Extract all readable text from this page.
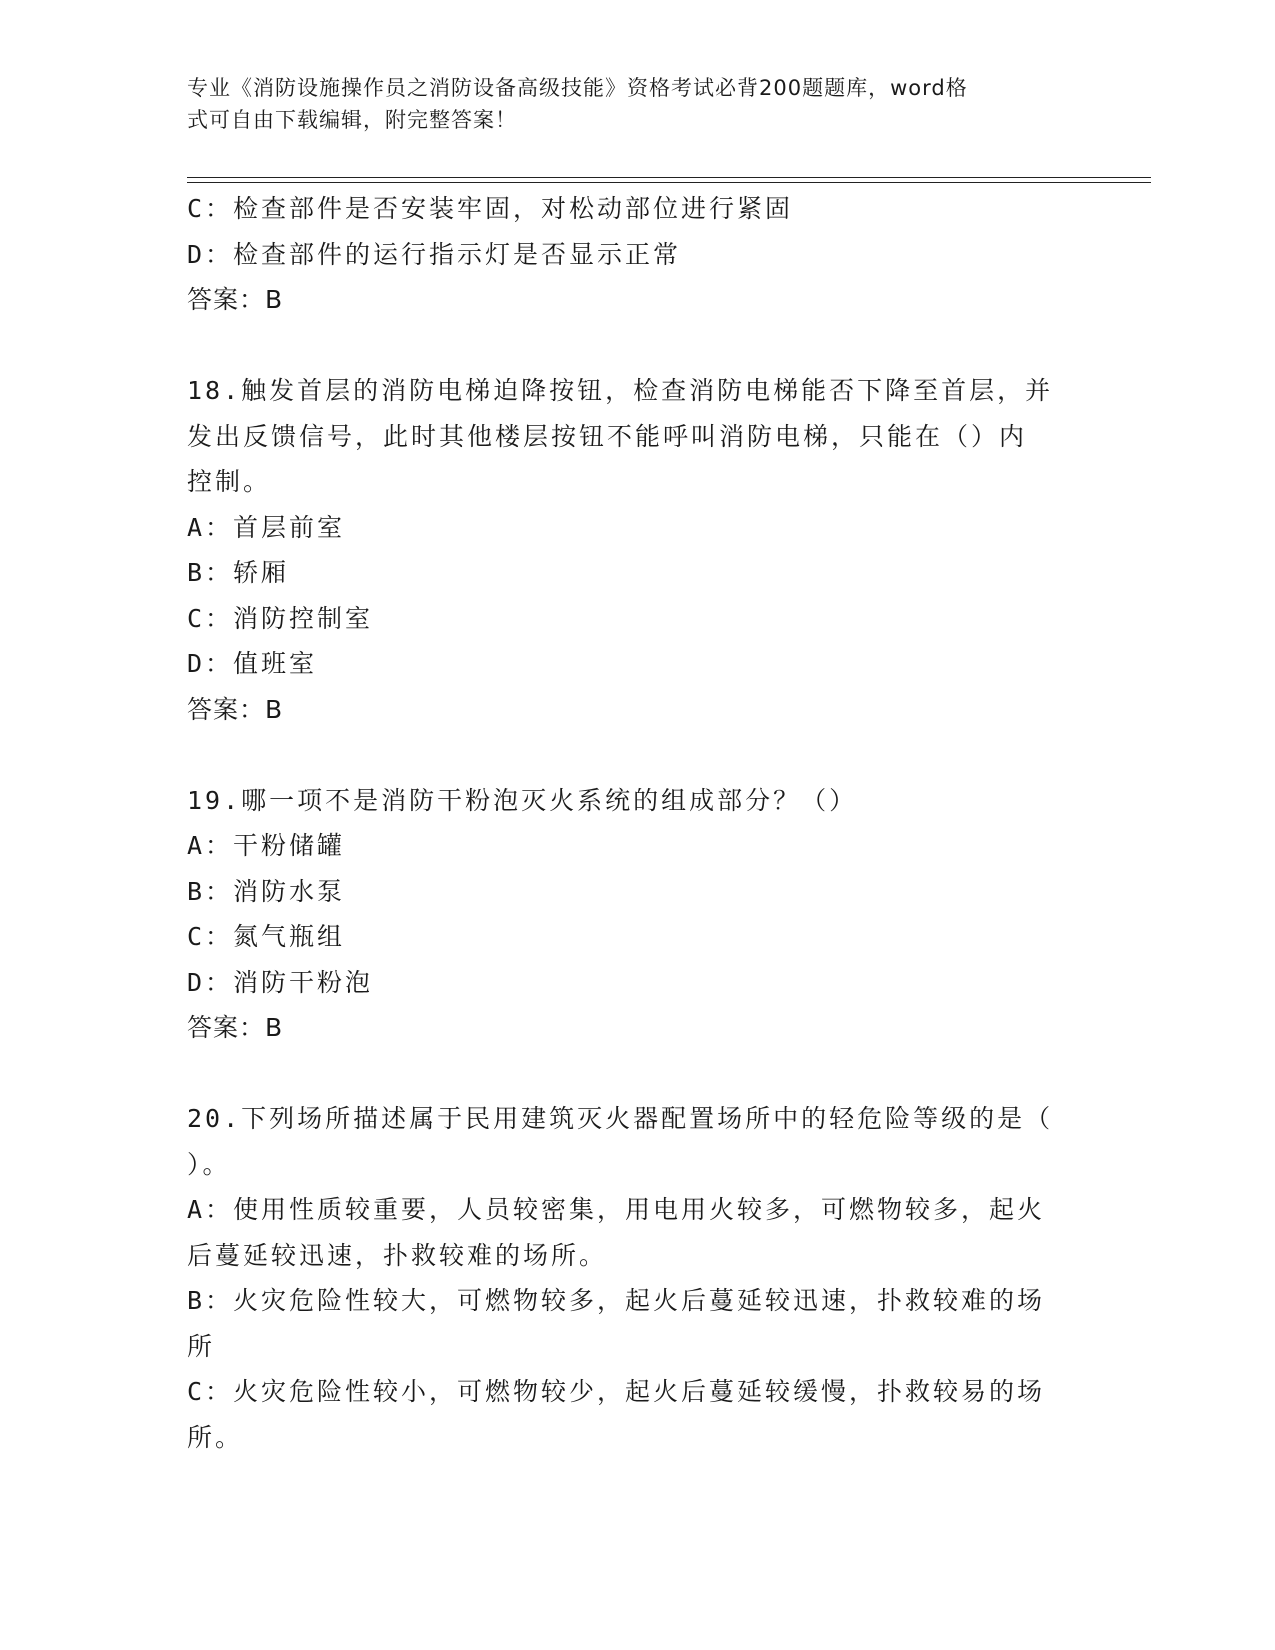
专业《消防设施操作员之消防设备高级技能》资格考试必背200题题库，word格
式可自由下载编辑，附完整答案！
C：检查部件是否安装牢固，对松动部位进行紧固
D：检查部件的运行指示灯是否显示正常
答案：B
18.触发首层的消防电梯迫降按钮，检查消防电梯能否下降至首层，并
发出反馈信号，此时其他楼层按钮不能呼叫消防电梯，只能在（）内
控制。
A：首层前室
B：轿厢
C：消防控制室
D：值班室
答案：B
19.哪一项不是消防干粉泡灭火系统的组成部分？（）
A：干粉储罐
B：消防水泵
C：氮气瓶组
D：消防干粉泡
答案：B
20.下列场所描述属于民用建筑灭火器配置场所中的轻危险等级的是（
）。
A：使用性质较重要，人员较密集，用电用火较多，可燃物较多，起火
后蔓延较迅速，扑救较难的场所。
B：火灾危险性较大，可燃物较多，起火后蔓延较迅速，扑救较难的场
所
C：火灾危险性较小，可燃物较少，起火后蔓延较缓慢，扑救较易的场
所。
